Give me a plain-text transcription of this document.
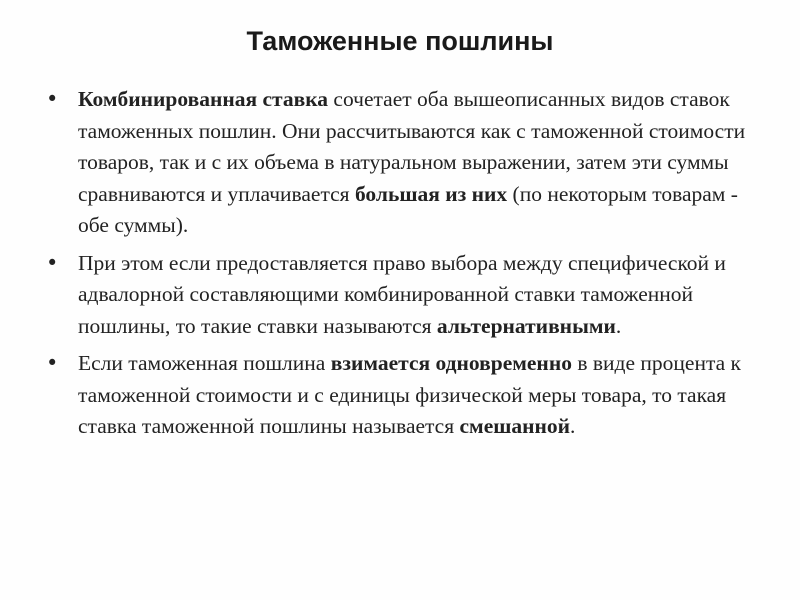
Таможенные пошлины
• Комбинированная ставка сочетает оба вышеописанных видов ставок таможенных пошлин. Они рассчитываются как с таможенной стоимости товаров, так и с их объема в натуральном выражении, затем эти суммы сравниваются и уплачивается большая из них (по некоторым товарам - обе суммы).
• При этом если предоставляется право выбора между специфической и адвалорной составляющими комбинированной ставки таможенной пошлины, то такие ставки называются альтернативными.
• Если таможенная пошлина взимается одновременно в виде процента к таможенной стоимости и с единицы физической меры товара, то такая ставка таможенной пошлины называется смешанной.
